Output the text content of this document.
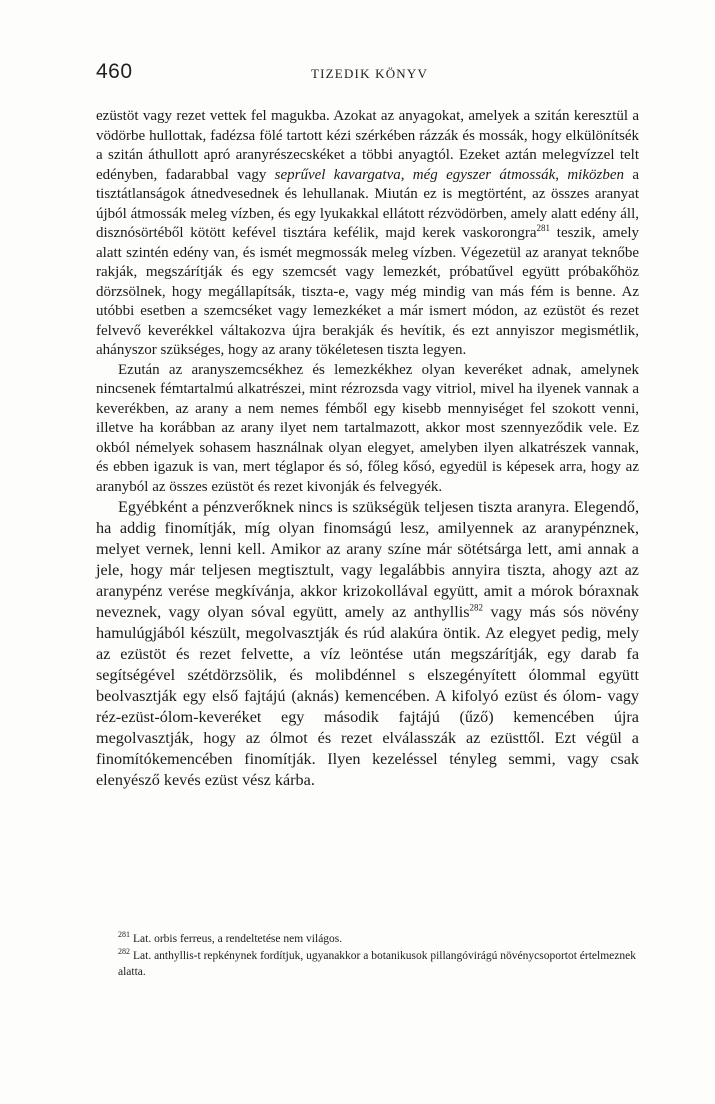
460	TIZEDIK KÖNYV

ezüstöt vagy rezet vettek fel magukba. Azokat az anyagokat, amelyek a szitán keresztül a vödörbe hullottak, fadézsa fölé tartott kézi szérkében rázzák és mossák, hogy elkülönítsék a szitán áthullott apró aranyrészecskéket a többi anyagtól. Ezeket aztán melegvízzel telt edényben, fadarabbal vagy seprűvel kavargatva, még egyszer átmossák, miközben a tisztátlanságok átnedvesednek és lehullanak. Miután ez is megtörtént, az összes aranyat újból átmossák meleg vízben, és egy lyukakkal ellátott rézvödörben, amely alatt edény áll, disznósörtéből kötött kefével tisztára kefélik, majd kerek vaskorongra$^{281}$ teszik, amely alatt szintén edény van, és ismét megmossák meleg vízben. Végezetül az aranyat teknőbe rakják, megszárítják és egy szemcsét vagy lemezkét, próbatűvel együtt próbakőhöz dörzsölnek, hogy megállapítsák, tiszta-e, vagy még mindig van más fém is benne. Az utóbbi esetben a szemcséket vagy lemezkéket a már ismert módon, az ezüstöt és rezet felvevő keverékkel váltakozva újra berakják és hevítik, és ezt annyiszor megismétlik, ahányszor szükséges, hogy az arany tökéletesen tiszta legyen.

Ezután az aranyszemcsékhez és lemezkékhez olyan keveréket adnak, amelynek nincsenek fémtartalmú alkatrészei, mint rézrozsda vagy vitriol, mivel ha ilyenek vannak a keverékben, az arany a nem nemes fémből egy kisebb mennyiséget fel szokott venni, illetve ha korábban az arany ilyet nem tartalmazott, akkor most szennyeződik vele. Ez okból némelyek sohasem használnak olyan elegyet, amelyben ilyen alkatrészek vannak, és ebben igazuk is van, mert téglapor és só, főleg kősó, egyedül is képesek arra, hogy az aranyból az összes ezüstöt és rezet kivonják és felvegyék.

Egyébként a pénzverőknek nincs is szükségük teljesen tiszta aranyra. Elegendő, ha addig finomítják, míg olyan finomságú lesz, amilyennek az aranypénznek, melyet vernek, lenni kell. Amikor az arany színe már sötétsárga lett, ami annak a jele, hogy már teljesen megtisztult, vagy legalábbis annyira tiszta, ahogy azt az aranypénz verése megkívánja, akkor krizokollával együtt, amit a mórok bóraxnak neveznek, vagy olyan sóval együtt, amely az anthyllis$^{282}$ vagy más sós növény hamulúgjából készült, megolvasztják és rúd alakúra öntik. Az elegyet pedig, mely az ezüstöt és rezet felvette, a víz leöntése után megszárítják, egy darab fa segítségével szétdörzsölik, és molibdénnel s elszegényített ólommal együtt beolvasztják egy első fajtájú (aknás) kemencében. A kifolyó ezüst és ólom- vagy réz-ezüst-ólom-keveréket egy második fajtájú (űző) kemencében újra megolvasztják, hogy az ólmot és rezet elválasszák az ezüsttől. Ezt végül a finomítókemencében finomítják. Ilyen kezeléssel tényleg semmi, vagy csak elenyésző kevés ezüst vész kárba.

$^{281}$ Lat. orbis ferreus, a rendeltetése nem világos.

$^{282}$ Lat. anthyllis-t repkénynek fordítjuk, ugyanakkor a botanikusok pillangóvirágú növénycsoportot értelmeznek alatta.
